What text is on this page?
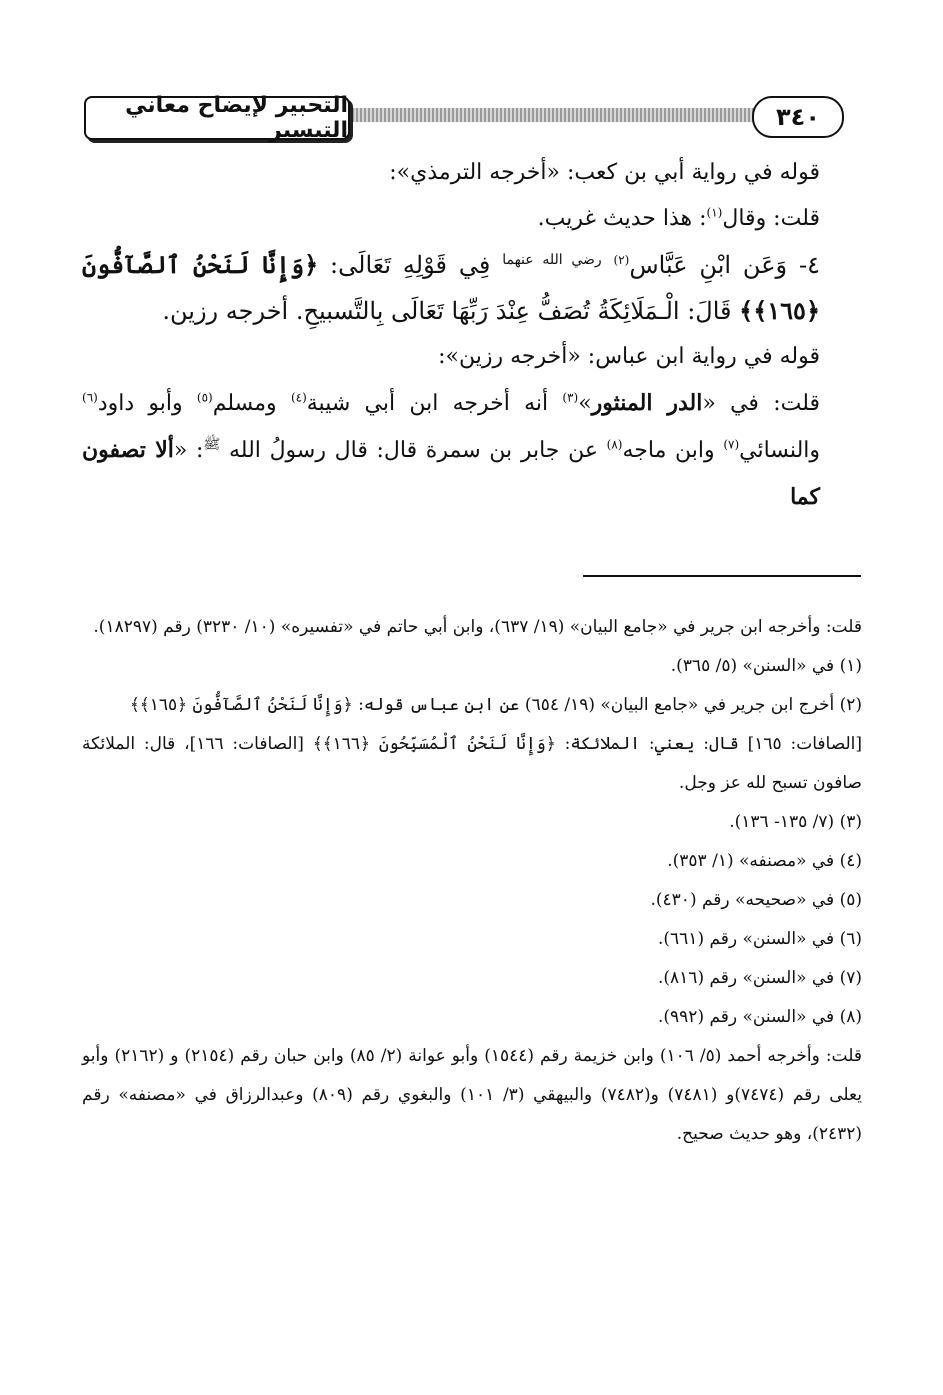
٣٤٠
التحبير لإيضاح معاني التيسير

قوله في رواية أبي بن كعب: «أخرجه الترمذي»:

قلت: وقال$^{(١)}$: هذا حديث غريب.

٤- وَعَن ابْنِ عَبَّاس$^{(٢)}$ $^{رضي الله عنهما}$ فِي قَوْلِهِ تَعَالَى: ﴿وَإِنَّا لَنَحْنُ ٱلصَّآفُّونَ ﴿١٦٥﴾﴾ قَالَ: الْـمَلَائِكَةُ تُصَفُّ عِنْدَ رَبِّهَا تَعَالَى بِالتَّسبيحِ. أخرجه رزين.

قوله في رواية ابن عباس: «أخرجه رزين»:

قلت: في «الدر المنثور»$^{(٣)}$ أنه أخرجه ابن أبي شيبة$^{(٤)}$ ومسلم$^{(٥)}$ وأبو داود$^{(٦)}$ والنسائي$^{(٧)}$ وابن ماجه$^{(٨)}$ عن جابر بن سمرة قال: قال رسولُ الله $^ﷺ$: «ألا تصفون كما

قلت: وأخرجه ابن جرير في «جامع البيان» (١٩/ ٦٣٧)، وابن أبي حاتم في «تفسيره» (١٠/ ٣٢٣٠) رقم (١٨٢٩٧).

(١) في «السنن» (٥/ ٣٦٥).

(٢) أخرج ابن جرير في «جامع البيان» (١٩/ ٦٥٤) عن ابن عباس قوله: ﴿وَإِنَّا لَنَحْنُ ٱلصَّآفُّونَ ﴿١٦٥﴾﴾

[الصافات: ١٦٥] قال: يعني: الملائكة: ﴿وَإِنَّا لَنَحْنُ ٱلْمُسَبِّحُونَ ﴿١٦٦﴾﴾ [الصافات: ١٦٦]، قال: الملائكة صافون تسبح لله عز وجل.

(٣) (٧/ ١٣٥- ١٣٦).

(٤) في «مصنفه» (١/ ٣٥٣).

(٥) في «صحيحه» رقم (٤٣٠).

(٦) في «السنن» رقم (٦٦١).

(٧) في «السنن» رقم (٨١٦).

(٨) في «السنن» رقم (٩٩٢).

قلت: وأخرجه أحمد (٥/ ١٠٦) وابن خزيمة رقم (١٥٤٤) وأبو عوانة (٢/ ٨٥) وابن حبان رقم (٢١٥٤) و (٢١٦٢) وأبو يعلى رقم (٧٤٧٤)و (٧٤٨١) و(٧٤٨٢) والبيهقي (٣/ ١٠١) والبغوي رقم (٨٠٩) وعبدالرزاق في «مصنفه» رقم (٢٤٣٢)، وهو حديث صحيح.
